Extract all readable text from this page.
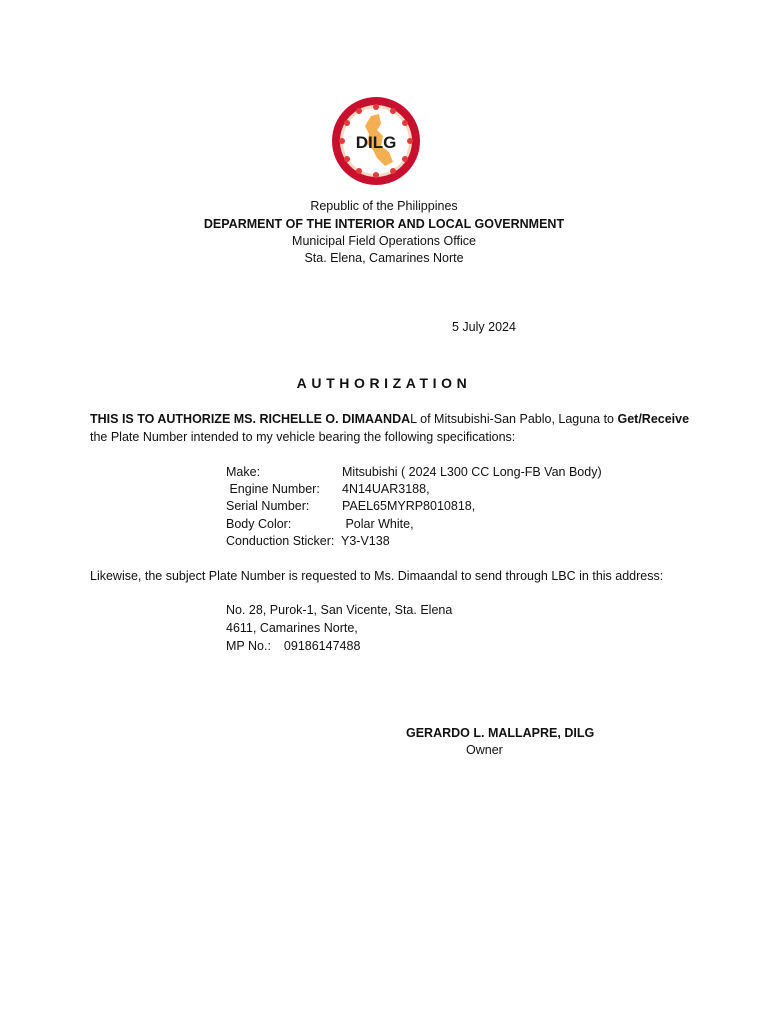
DILG
Republic of the Philippines
DEPARMENT OF THE INTERIOR AND LOCAL GOVERNMENT
Municipal Field Operations Office
Sta. Elena, Camarines Norte
5 July 2024
AUTHORIZATION
THIS IS TO AUTHORIZE MS. RICHELLE O. DIMAANDAL of Mitsubishi-San Pablo, Laguna to Get/Receive
the Plate Number intended to my vehicle bearing the following specifications:
Make:	Mitsubishi ( 2024 L300 CC Long-FB Van Body)
Engine Number: 4N14UAR3188,
Serial Number:	PAEL65MYRP8010818,
Body Color:	Polar White,
Conduction Sticker: Y3-V138
Likewise, the subject Plate Number is requested to Ms. Dimaandal to send through LBC in this address:
No. 28, Purok-1, San Vicente, Sta. Elena
4611, Camarines Norte,
MP No.: 09186147488
GERARDO L. MALLAPRE, DILG
Owner
